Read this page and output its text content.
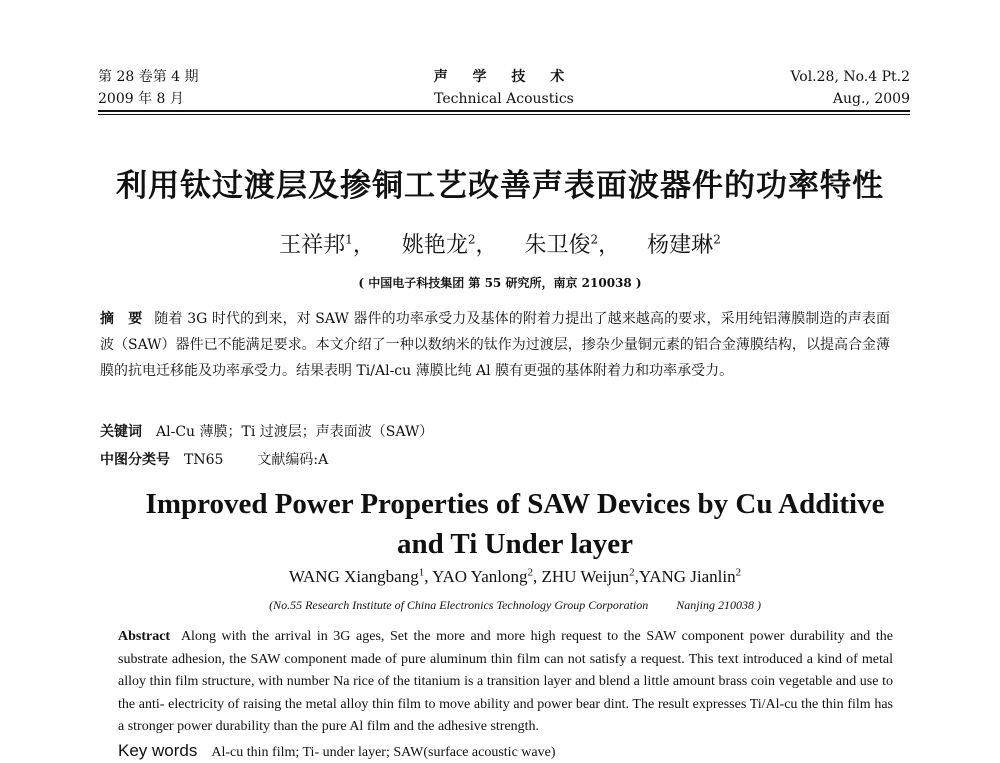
第 28 卷第 4 期
2009 年 8 月
声 学 技 术
Technical Acoustics
Vol.28, No.4 Pt.2
Aug., 2009
利用钛过渡层及掺铜工艺改善声表面波器件的功率特性
王祥邦$^1$， 姚艳龙$^2$， 朱卫俊$^2$， 杨建琳$^2$
( 中国电子科技集团 第 55 研究所，南京 210038 )
摘　要 随着 3G 时代的到来，对 SAW 器件的功率承受力及基体的附着力提出了越来越高的要求，采用纯铝薄膜制造的声表面波（SAW）器件已不能满足要求。本文介绍了一种以数纳米的钛作为过渡层，掺杂少量铜元素的铝合金薄膜结构，以提高合金薄膜的抗电迁移能及功率承受力。结果表明 Ti/Al-cu 薄膜比纯 Al 膜有更强的基体附着力和功率承受力。
关键词 Al-Cu 薄膜；Ti 过渡层；声表面波（SAW）
中图分类号 TN65 文献编码:A
Improved Power Properties of SAW Devices by Cu Additive
and Ti Under layer
WANG Xiangbang$^1$, YAO Yanlong$^2$, ZHU Weijun$^2$,YANG Jianlin$^2$
(No.55 Research Institute of China Electronics Technology Group Corporation Nanjing 210038 )
Abstract Along with the arrival in 3G ages, Set the more and more high request to the SAW component power durability and the substrate adhesion, the SAW component made of pure aluminum thin film can not satisfy a request. This text introduced a kind of metal alloy thin film structure, with number Na rice of the titanium is a transition layer and blend a little amount brass coin vegetable and use to the anti- electricity of raising the metal alloy thin film to move ability and power bear dint. The result expresses Ti/Al-cu the thin film has a stronger power durability than the pure Al film and the adhesive strength.
Key words Al-cu thin film; Ti- under layer; SAW(surface acoustic wave)
